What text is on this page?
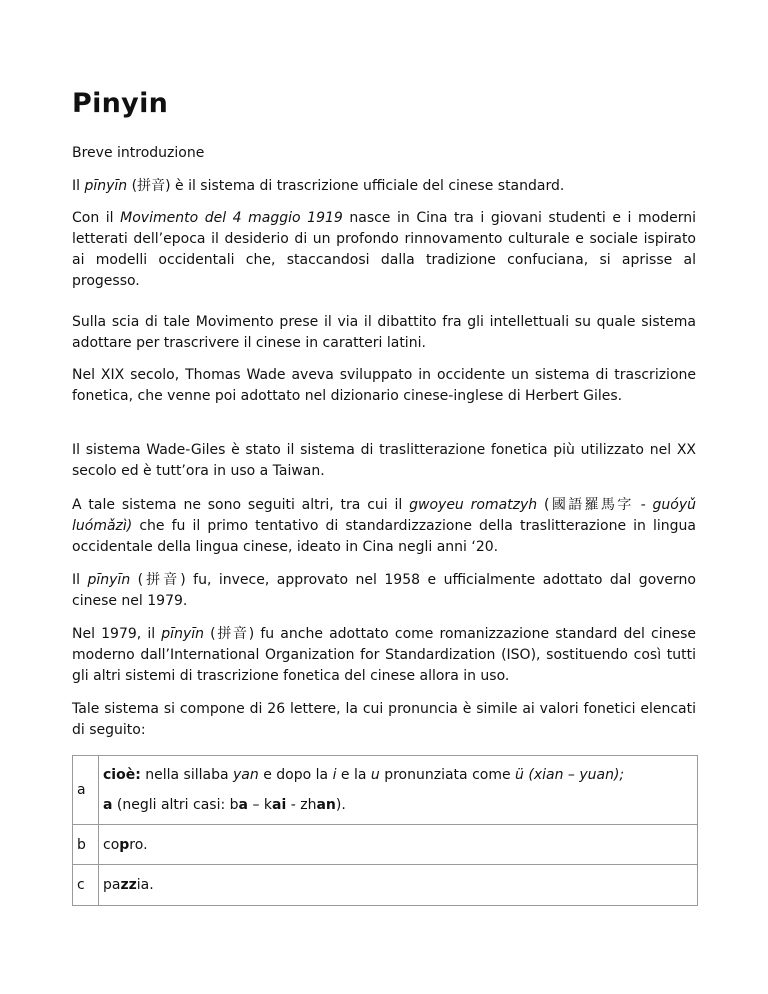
Pinyin

Breve introduzione

Il pīnyīn (拼音) è il sistema di trascrizione ufficiale del cinese standard.

Con il Movimento del 4 maggio 1919 nasce in Cina tra i giovani studenti e i moderni letterati dell’epoca il desiderio di un profondo rinnovamento culturale e sociale ispirato ai modelli occidentali che, staccandosi dalla tradizione confuciana, si aprisse al progesso.

Sulla scia di tale Movimento prese il via il dibattito fra gli intellettuali su quale sistema adottare per trascrivere il cinese in caratteri latini.

Nel XIX secolo, Thomas Wade aveva sviluppato in occidente un sistema di trascrizione fonetica, che venne poi adottato nel dizionario cinese-inglese di Herbert Giles.

Il sistema Wade-Giles è stato il sistema di traslitterazione fonetica più utilizzato nel XX secolo ed è tutt’ora in uso a Taiwan.

A tale sistema ne sono seguiti altri, tra cui il gwoyeu romatzyh (國語羅馬字 - guóyǔ luómǎzì) che fu il primo tentativo di standardizzazione della traslitterazione in lingua occidentale della lingua cinese, ideato in Cina negli anni ‘20.

Il pīnyīn (拼音) fu, invece, approvato nel 1958 e ufficialmente adottato dal governo cinese nel 1979.

Nel 1979, il pīnyīn (拼音) fu anche adottato come romanizzazione standard del cinese moderno dall’International Organization for Standardization (ISO), sostituendo così tutti gli altri sistemi di trascrizione fonetica del cinese allora in uso.

Tale sistema si compone di 26 lettere, la cui pronuncia è simile ai valori fonetici elencati di seguito:

a	cioè: nella sillaba yan e dopo la i e la u pronunziata come ü (xian – yuan);
a (negli altri casi: ba – kai - zhan).

b	copro.
c	pazzia.
